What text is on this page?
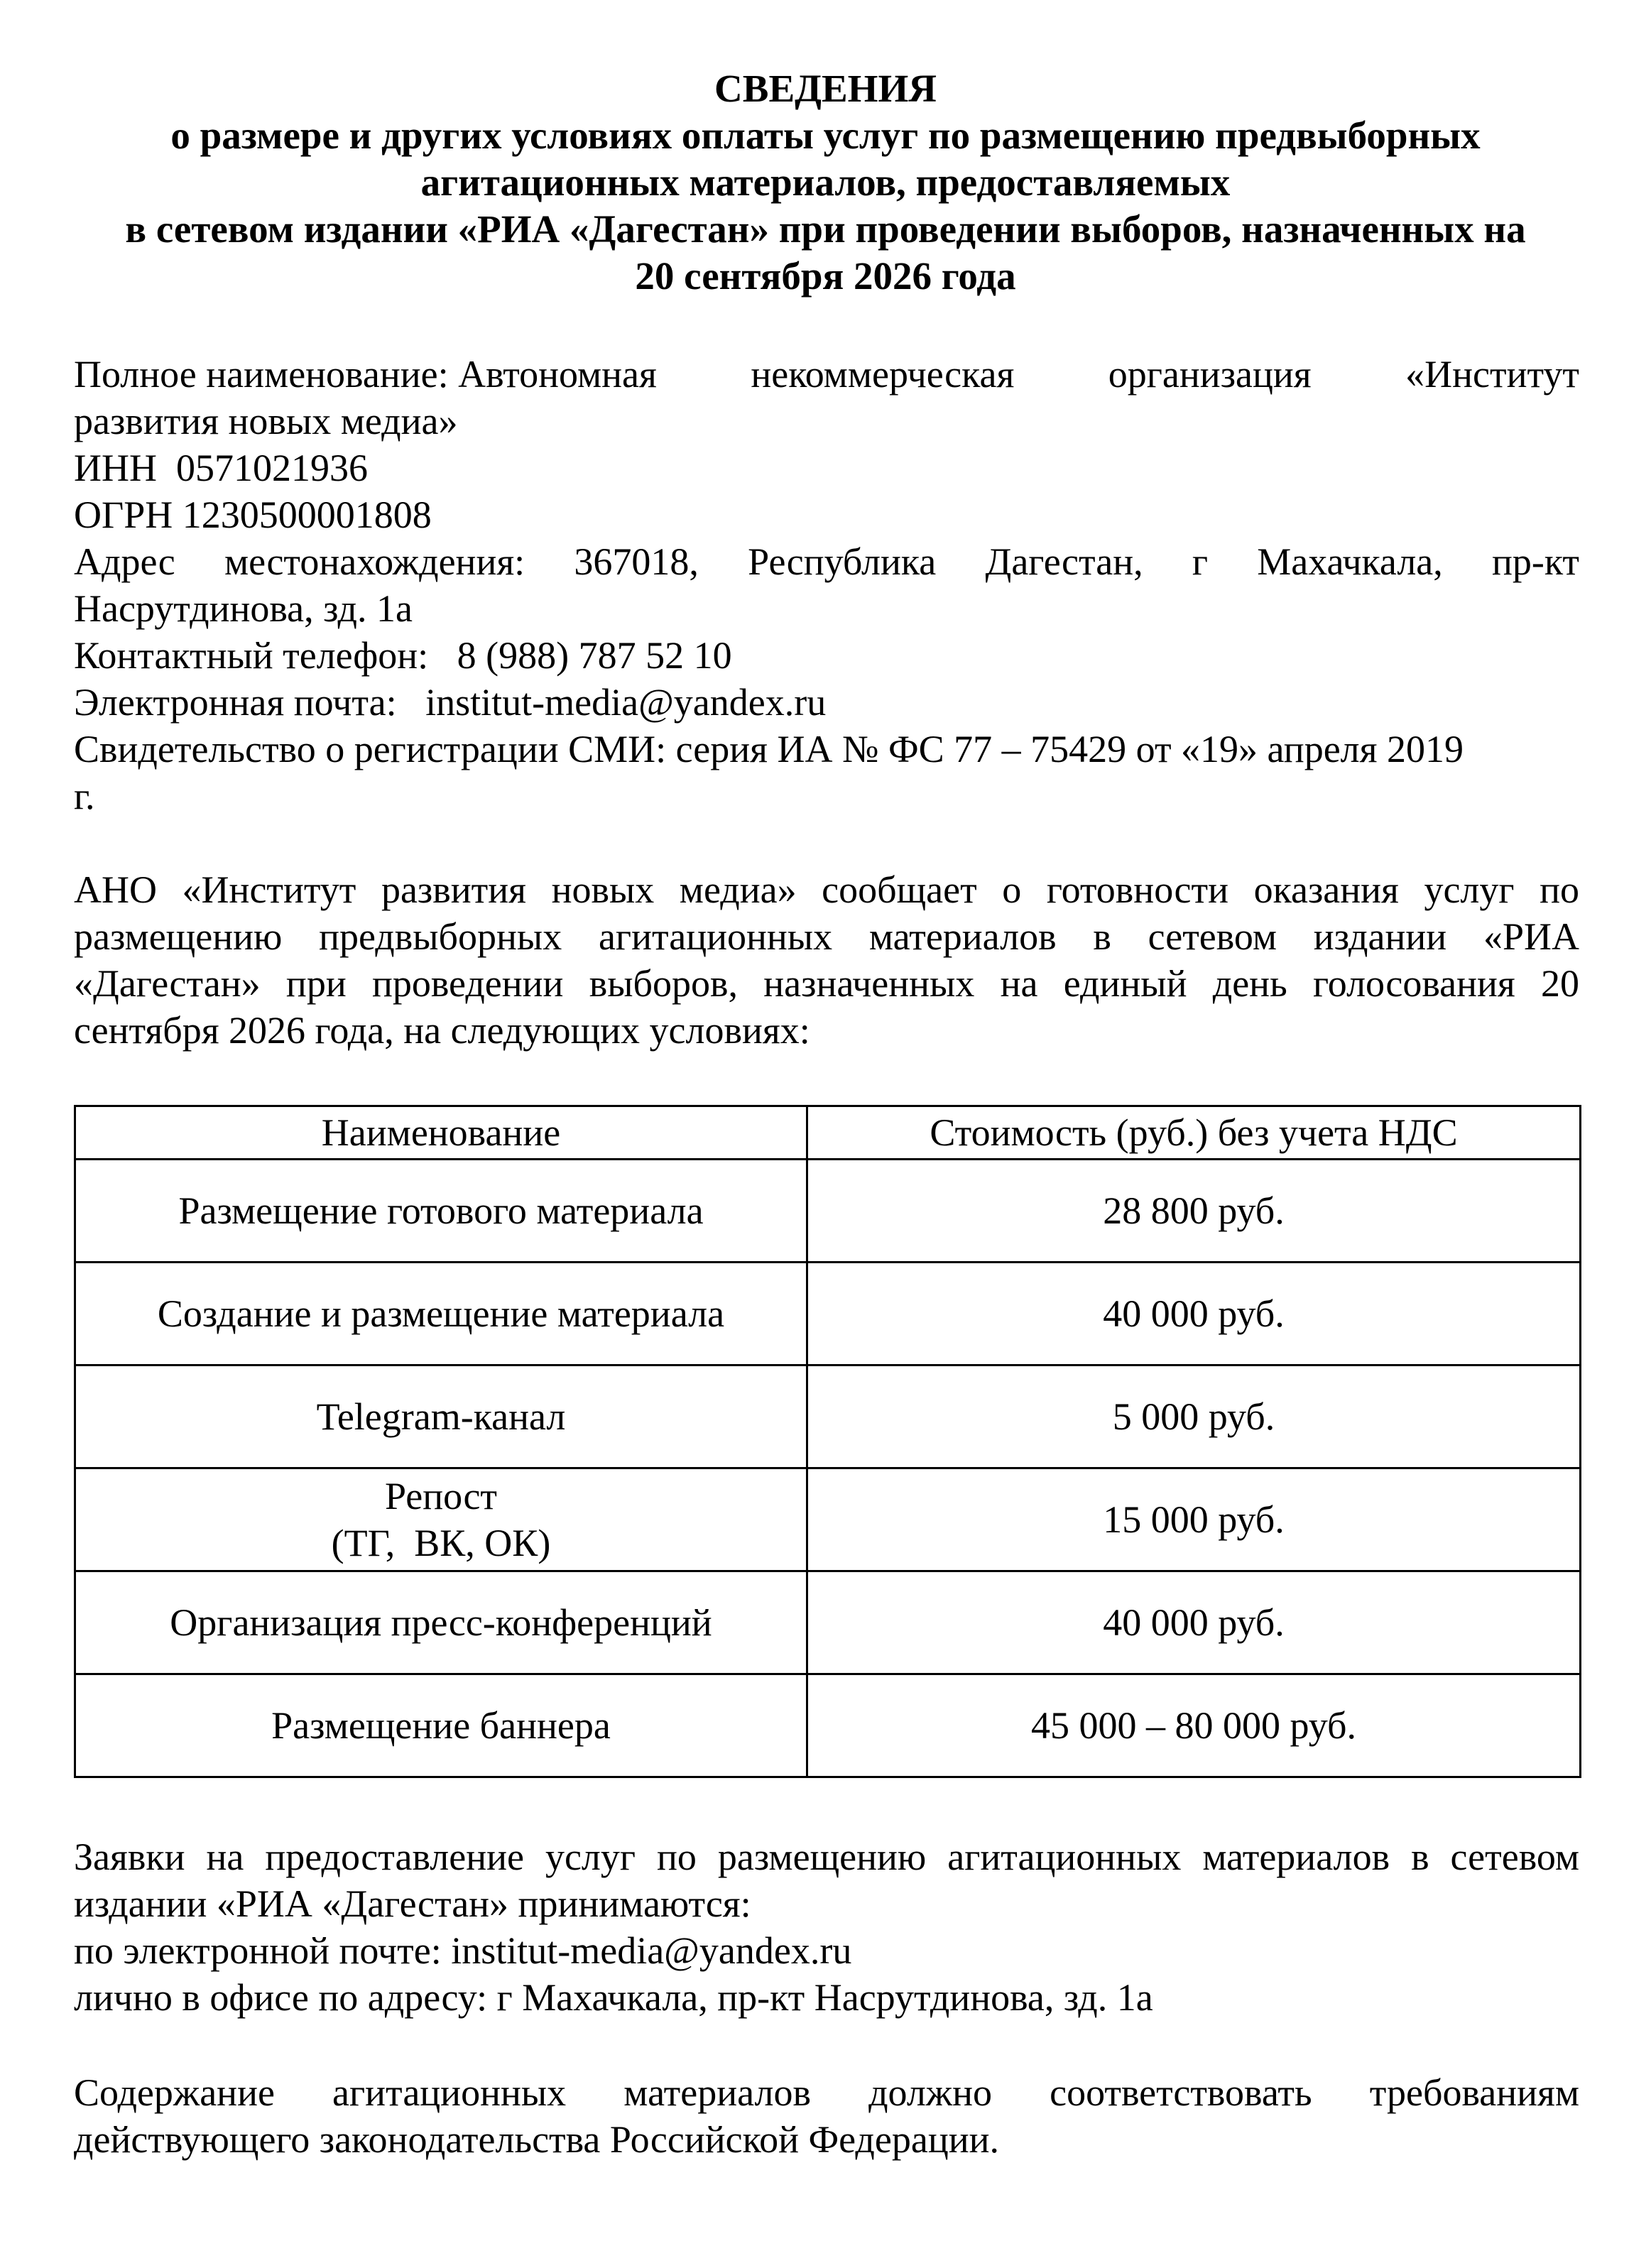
СВЕДЕНИЯ
о размере и других условиях оплаты услуг по размещению предвыборных
агитационных материалов, предоставляемых
в сетевом издании «РИА «Дагестан» при проведении выборов, назначенных на
20 сентября 2026 года
Полное наименование: Автономная некоммерческая организация «Институт
развития новых медиа»
ИНН  0571021936
ОГРН 1230500001808
Адрес местонахождения: 367018, Республика Дагестан, г Махачкала, пр-кт
Насрутдинова, зд. 1а
Контактный телефон:   8 (988) 787 52 10
Электронная почта:   institut-media@yandex.ru
Свидетельство о регистрации СМИ: серия ИА № ФС 77 – 75429 от «19» апреля 2019
г.
АНО «Институт развития новых медиа» сообщает о готовности оказания услуг по размещению предвыборных агитационных материалов в сетевом издании «РИА «Дагестан» при проведении выборов, назначенных на единый день голосования 20 сентября 2026 года, на следующих условиях:
Наименование	Стоимость (руб.) без учета НДС
Размещение готового материала	28 800 руб.
Создание и размещение материала	40 000 руб.
Telegram-канал	5 000 руб.

Репост
(ТГ,  ВК, ОК)	15 000 руб.
Организация пресс-конференций	40 000 руб.
Размещение баннера	45 000 – 80 000 руб.
Заявки на предоставление услуг по размещению агитационных материалов в сетевом издании «РИА «Дагестан» принимаются:
по электронной почте: institut-media@yandex.ru
лично в офисе по адресу: г Махачкала, пр-кт Насрутдинова, зд. 1а
Содержание агитационных материалов должно соответствовать требованиям действующего законодательства Российской Федерации.
